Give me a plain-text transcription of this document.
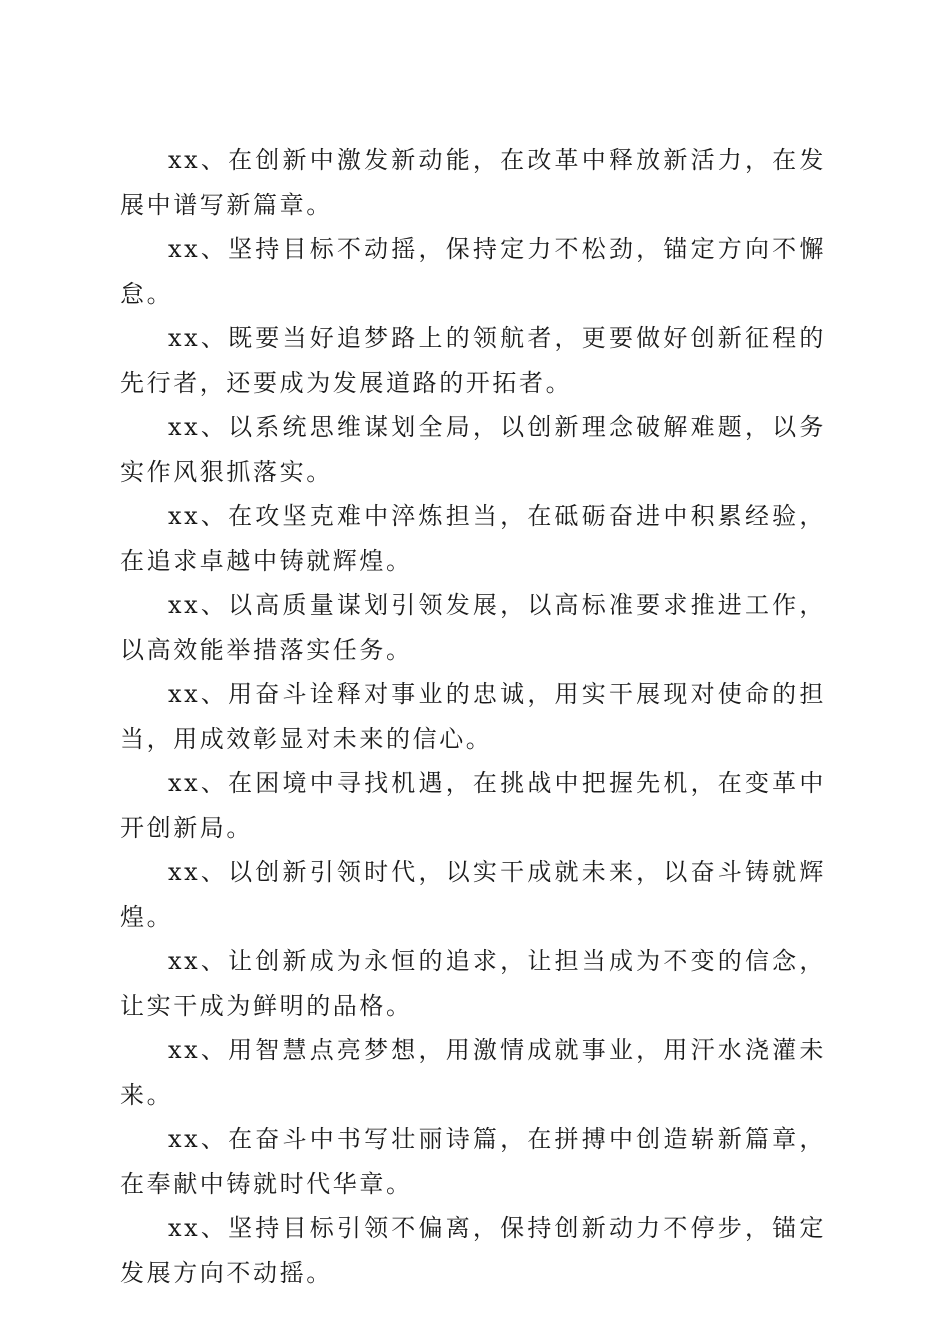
xx、在创新中激发新动能，在改革中释放新活力，在发展中谱写新篇章。

xx、坚持目标不动摇，保持定力不松劲，锚定方向不懈怠。

xx、既要当好追梦路上的领航者，更要做好创新征程的先行者，还要成为发展道路的开拓者。

xx、以系统思维谋划全局，以创新理念破解难题，以务实作风狠抓落实。

xx、在攻坚克难中淬炼担当，在砥砺奋进中积累经验，在追求卓越中铸就辉煌。

xx、以高质量谋划引领发展，以高标准要求推进工作，以高效能举措落实任务。

xx、用奋斗诠释对事业的忠诚，用实干展现对使命的担当，用成效彰显对未来的信心。

xx、在困境中寻找机遇，在挑战中把握先机，在变革中开创新局。

xx、以创新引领时代，以实干成就未来，以奋斗铸就辉煌。

xx、让创新成为永恒的追求，让担当成为不变的信念，让实干成为鲜明的品格。

xx、用智慧点亮梦想，用激情成就事业，用汗水浇灌未来。

xx、在奋斗中书写壮丽诗篇，在拼搏中创造崭新篇章，在奉献中铸就时代华章。

xx、坚持目标引领不偏离，保持创新动力不停步，锚定发展方向不动摇。
